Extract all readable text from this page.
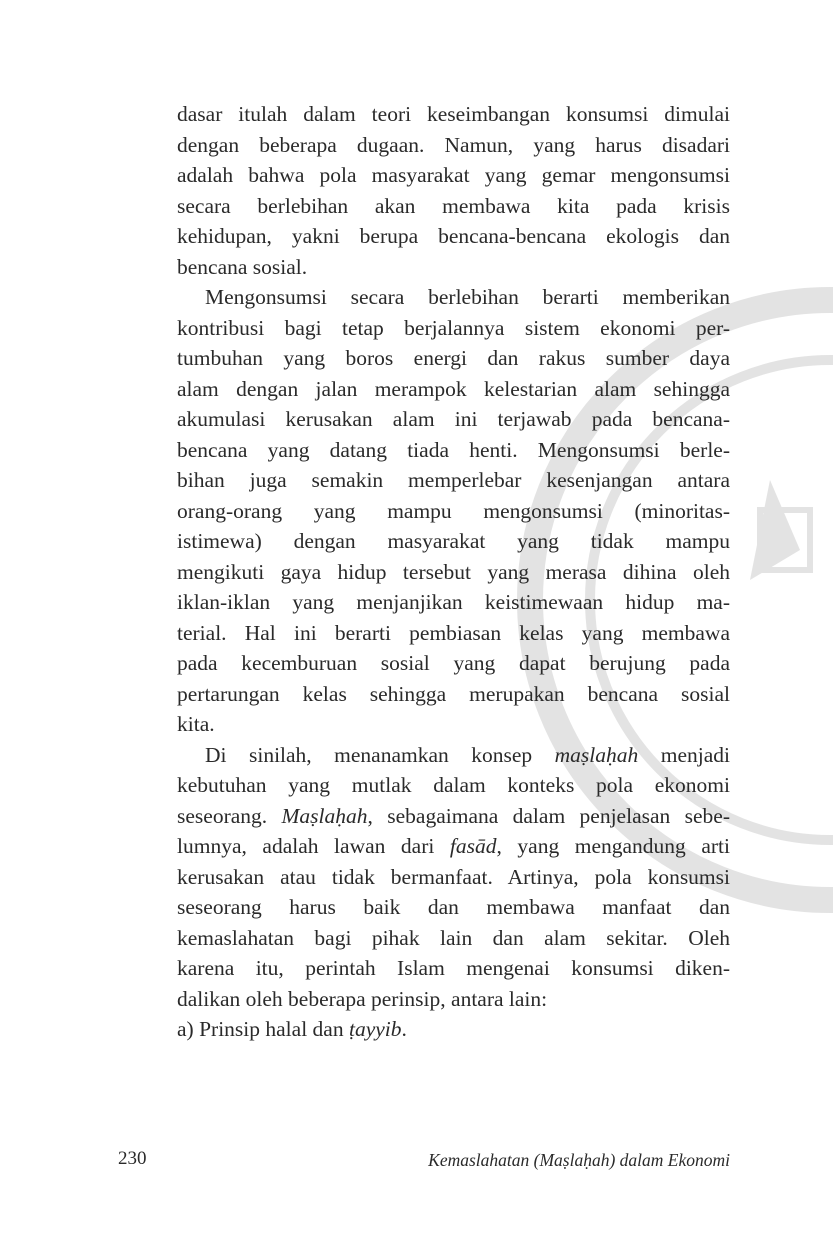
dasar itulah dalam teori keseimbangan konsumsi dimulai
dengan beberapa dugaan. Namun, yang harus disadari
adalah bahwa pola masyarakat yang gemar mengonsumsi
secara berlebihan akan membawa kita pada krisis
kehidupan, yakni berupa bencana-bencana ekologis dan
bencana sosial.

Mengonsumsi secara berlebihan berarti memberikan
kontribusi bagi tetap berjalannya sistem ekonomi per-
tumbuhan yang boros energi dan rakus sumber daya
alam dengan jalan merampok kelestarian alam sehingga
akumulasi kerusakan alam ini terjawab pada bencana-
bencana yang datang tiada henti. Mengonsumsi berle-
bihan juga semakin memperlebar kesenjangan antara
orang-orang yang mampu mengonsumsi (minoritas-
istimewa) dengan masyarakat yang tidak mampu
mengikuti gaya hidup tersebut yang merasa dihina oleh
iklan-iklan yang menjanjikan keistimewaan hidup ma-
terial. Hal ini berarti pembiasan kelas yang membawa
pada kecemburuan sosial yang dapat berujung pada
pertarungan kelas sehingga merupakan bencana sosial
kita.

Di sinilah, menanamkan konsep maṣlaḥah menjadi
kebutuhan yang mutlak dalam konteks pola ekonomi
seseorang. Maṣlaḥah, sebagaimana dalam penjelasan sebe-
lumnya, adalah lawan dari fasād, yang mengandung arti
kerusakan atau tidak bermanfaat. Artinya, pola konsumsi
seseorang harus baik dan membawa manfaat dan
kemaslahatan bagi pihak lain dan alam sekitar. Oleh
karena itu, perintah Islam mengenai konsumsi diken-
dalikan oleh beberapa perinsip, antara lain:

a) Prinsip halal dan ṭayyib.

230	Kemaslahatan (Maṣlaḥah) dalam Ekonomi
